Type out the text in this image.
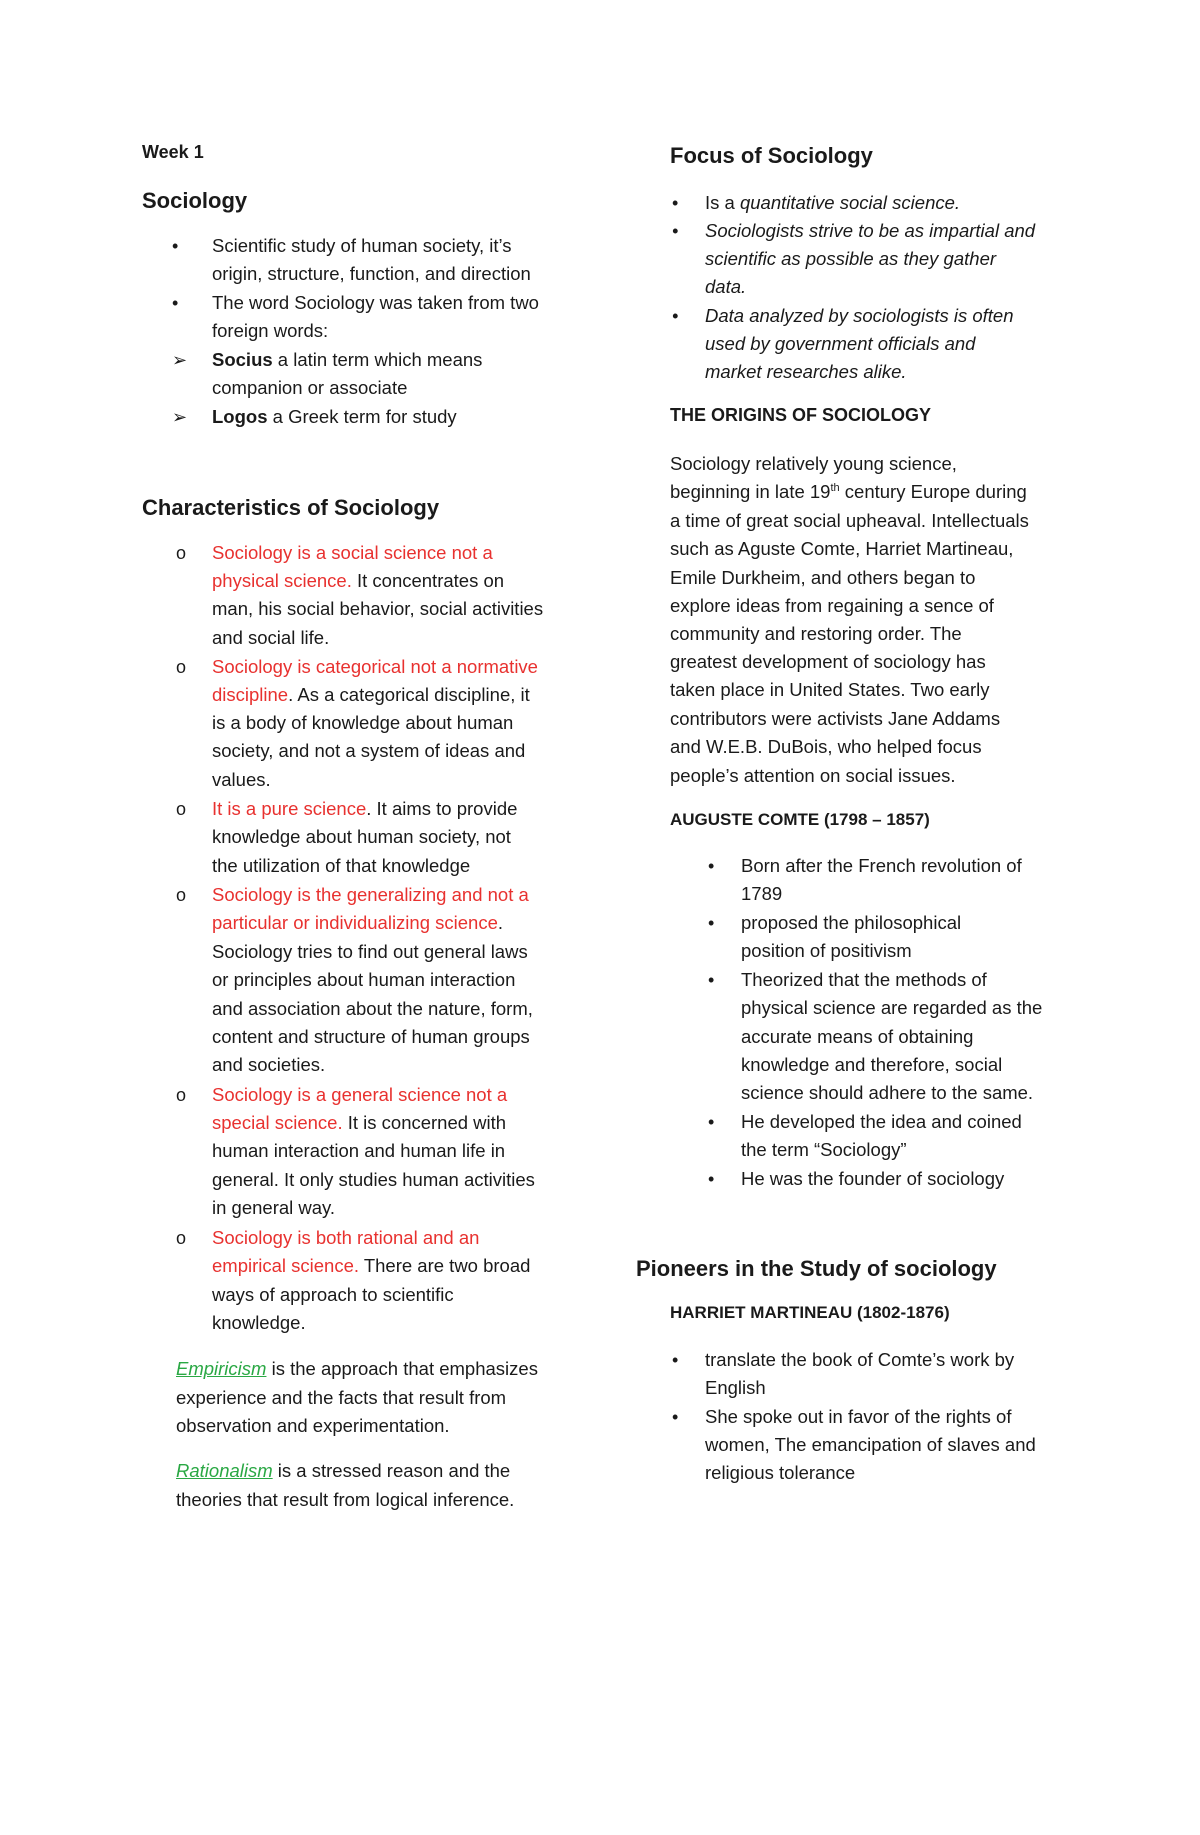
Week 1
Sociology
• Scientific study of human society, it’s
origin, structure, function, and direction
• The word Sociology was taken from two
foreign words:
➢ Socius a latin term which means
companion or associate
➢ Logos a Greek term for study
Characteristics of Sociology
o Sociology is a social science not a
physical science. It concentrates on
man, his social behavior, social activities
and social life.
o Sociology is categorical not a normative
discipline. As a categorical discipline, it
is a body of knowledge about human
society, and not a system of ideas and
values.
o It is a pure science. It aims to provide
knowledge about human society, not
the utilization of that knowledge
o Sociology is the generalizing and not a
particular or individualizing science.
Sociology tries to find out general laws
or principles about human interaction
and association about the nature, form,
content and structure of human groups
and societies.
o Sociology is a general science not a
special science. It is concerned with
human interaction and human life in
general. It only studies human activities
in general way.
o Sociology is both rational and an
empirical science. There are two broad
ways of approach to scientific
knowledge.
Empiricism is the approach that emphasizes
experience and the facts that result from
observation and experimentation.
Rationalism is a stressed reason and the
theories that result from logical inference.
Focus of Sociology
• Is a quantitative social science.
• Sociologists strive to be as impartial and
scientific as possible as they gather
data.
• Data analyzed by sociologists is often
used by government officials and
market researches alike.
THE ORIGINS OF SOCIOLOGY
Sociology relatively young science,
beginning in late 19th century Europe during
a time of great social upheaval. Intellectuals
such as Aguste Comte, Harriet Martineau,
Emile Durkheim, and others began to
explore ideas from regaining a sence of
community and restoring order. The
greatest development of sociology has
taken place in United States. Two early
contributors were activists Jane Addams
and W.E.B. DuBois, who helped focus
people’s attention on social issues.
AUGUSTE COMTE (1798 – 1857)
• Born after the French revolution of
1789
• proposed the philosophical
position of positivism
• Theorized that the methods of
physical science are regarded as the
accurate means of obtaining
knowledge and therefore, social
science should adhere to the same.
• He developed the idea and coined
the term “Sociology”
• He was the founder of sociology
Pioneers in the Study of sociology
HARRIET MARTINEAU (1802-1876)
• translate the book of Comte’s work by
English
• She spoke out in favor of the rights of
women, The emancipation of slaves and
religious tolerance
